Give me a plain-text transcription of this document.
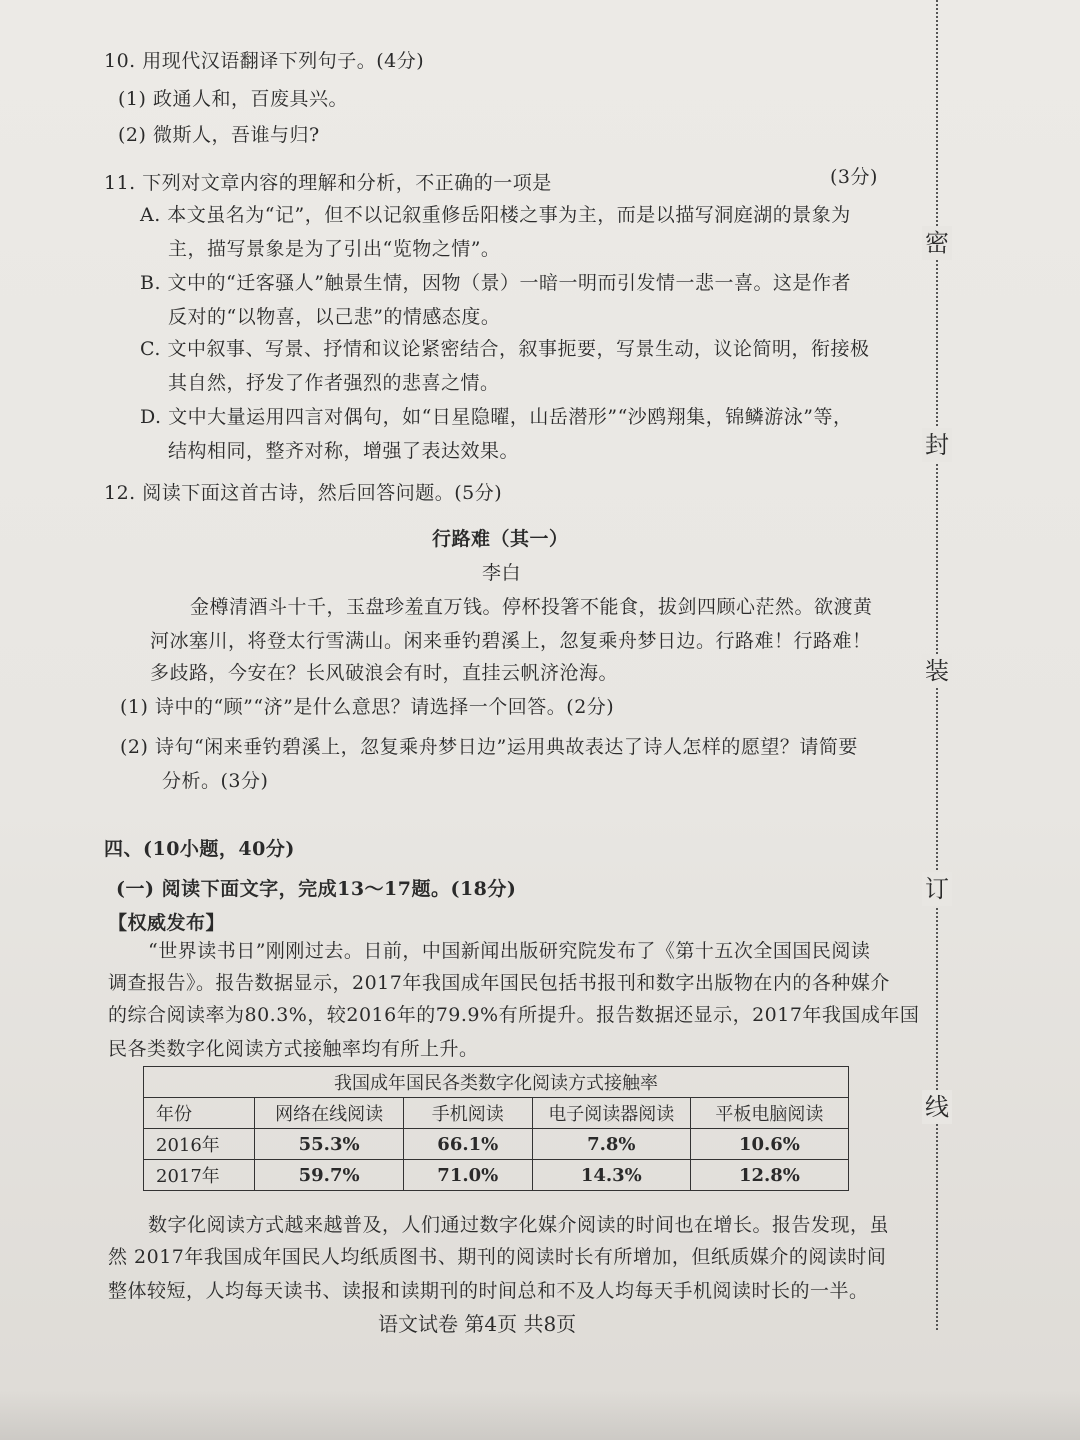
10. 用现代汉语翻译下列句子。(4分)
(1) 政通人和，百废具兴。
(2) 微斯人，吾谁与归?
11. 下列对文章内容的理解和分析，不正确的一项是	(3分)
A. 本文虽名为“记”，但不以记叙重修岳阳楼之事为主，而是以描写洞庭湖的景象为
主，描写景象是为了引出“览物之情”。
B. 文中的“迁客骚人”触景生情，因物（景）一暗一明而引发情一悲一喜。这是作者
反对的“以物喜，以己悲”的情感态度。
C. 文中叙事、写景、抒情和议论紧密结合，叙事扼要，写景生动，议论简明，衔接极
其自然，抒发了作者强烈的悲喜之情。
D. 文中大量运用四言对偶句，如“日星隐曜，山岳潜形”“沙鸥翔集，锦鳞游泳”等，
结构相同，整齐对称，增强了表达效果。
12. 阅读下面这首古诗，然后回答问题。(5分)
行路难（其一）
李白
金樽清酒斗十千，玉盘珍羞直万钱。停杯投箸不能食，拔剑四顾心茫然。欲渡黄
河冰塞川，将登太行雪满山。闲来垂钓碧溪上，忽复乘舟梦日边。行路难！行路难！
多歧路，今安在？长风破浪会有时，直挂云帆济沧海。
(1) 诗中的“顾”“济”是什么意思？请选择一个回答。(2分)
(2) 诗句“闲来垂钓碧溪上，忽复乘舟梦日边”运用典故表达了诗人怎样的愿望？请简要
分析。(3分)
四、(10小题，40分)
(一) 阅读下面文字，完成13～17题。(18分)
【权威发布】
“世界读书日”刚刚过去。日前，中国新闻出版研究院发布了《第十五次全国国民阅读
调查报告》。报告数据显示，2017年我国成年国民包括书报刊和数字出版物在内的各种媒介
的综合阅读率为80.3%，较2016年的79.9%有所提升。报告数据还显示，2017年我国成年国
民各类数字化阅读方式接触率均有所上升。
我国成年国民各类数字化阅读方式接触率				
年份	网络在线阅读	手机阅读	电子阅读器阅读	平板电脑阅读
2016年	55.3%	66.1%	7.8%	10.6%
2017年	59.7%	71.0%	14.3%	12.8%
数字化阅读方式越来越普及，人们通过数字化媒介阅读的时间也在增长。报告发现，虽
然 2017年我国成年国民人均纸质图书、期刊的阅读时长有所增加，但纸质媒介的阅读时间
整体较短，人均每天读书、读报和读期刊的时间总和不及人均每天手机阅读时长的一半。
语文试卷 第4页 共8页
密
封
装
订
线
